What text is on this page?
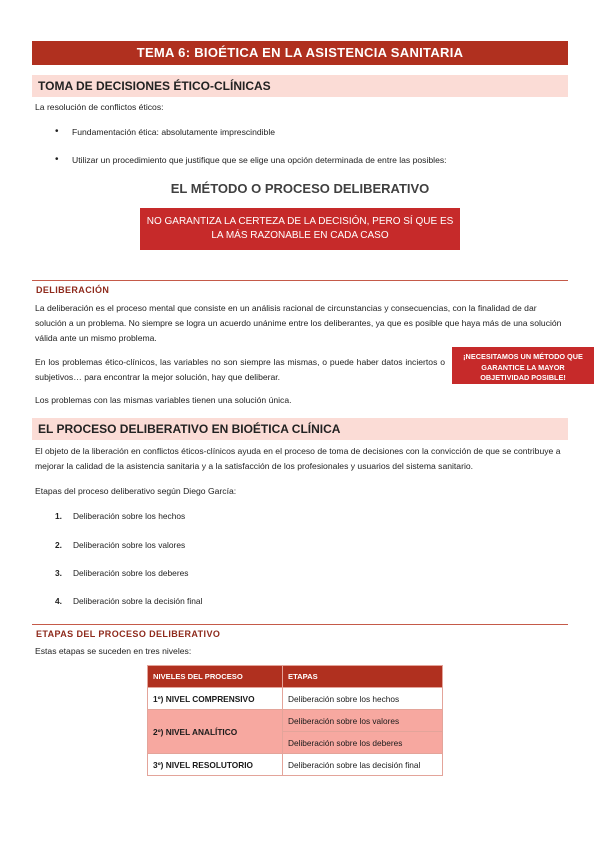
TEMA 6: BIOÉTICA EN LA ASISTENCIA SANITARIA
TOMA DE DECISIONES ÉTICO-CLÍNICAS
La resolución de conflictos éticos:
• Fundamentación ética: absolutamente imprescindible
• Utilizar un procedimiento que justifique que se elige una opción determinada de entre las posibles:
EL MÉTODO O PROCESO DELIBERATIVO
NO GARANTIZA LA CERTEZA DE LA DECISIÓN, PERO SÍ QUE ES LA MÁS RAZONABLE EN CADA CASO
DELIBERACIÓN
La deliberación es el proceso mental que consiste en un análisis racional de circunstancias y consecuencias, con la finalidad de dar solución a un problema. No siempre se logra un acuerdo unánime entre los deliberantes, ya que es posible que haya más de una solución válida ante un mismo problema.
En los problemas ético-clínicos, las variables no son siempre las mismas, o puede haber datos inciertos o subjetivos… para encontrar la mejor solución, hay que deliberar.
¡NECESITAMOS UN MÉTODO QUE GARANTICE LA MAYOR OBJETIVIDAD POSIBLE!
Los problemas con las mismas variables tienen una solución única.
EL PROCESO DELIBERATIVO EN BIOÉTICA CLÍNICA
El objeto de la liberación en conflictos éticos-clínicos ayuda en el proceso de toma de decisiones con la convicción de que se contribuye a mejorar la calidad de la asistencia sanitaria y a la satisfacción de los profesionales y usuarios del sistema sanitario.
Etapas del proceso deliberativo según Diego García:
1. Deliberación sobre los hechos
2. Deliberación sobre los valores
3. Deliberación sobre los deberes
4. Deliberación sobre la decisión final
ETAPAS DEL PROCESO DELIBERATIVO
Estas etapas se suceden en tres niveles:
NIVELES DEL PROCESO	ETAPAS
1º) NIVEL COMPRENSIVO	Deliberación sobre los hechos
2º) NIVEL ANALÍTICO	Deliberación sobre los valores
	Deliberación sobre los deberes
3º) NIVEL RESOLUTORIO	Deliberación sobre las decisión final
